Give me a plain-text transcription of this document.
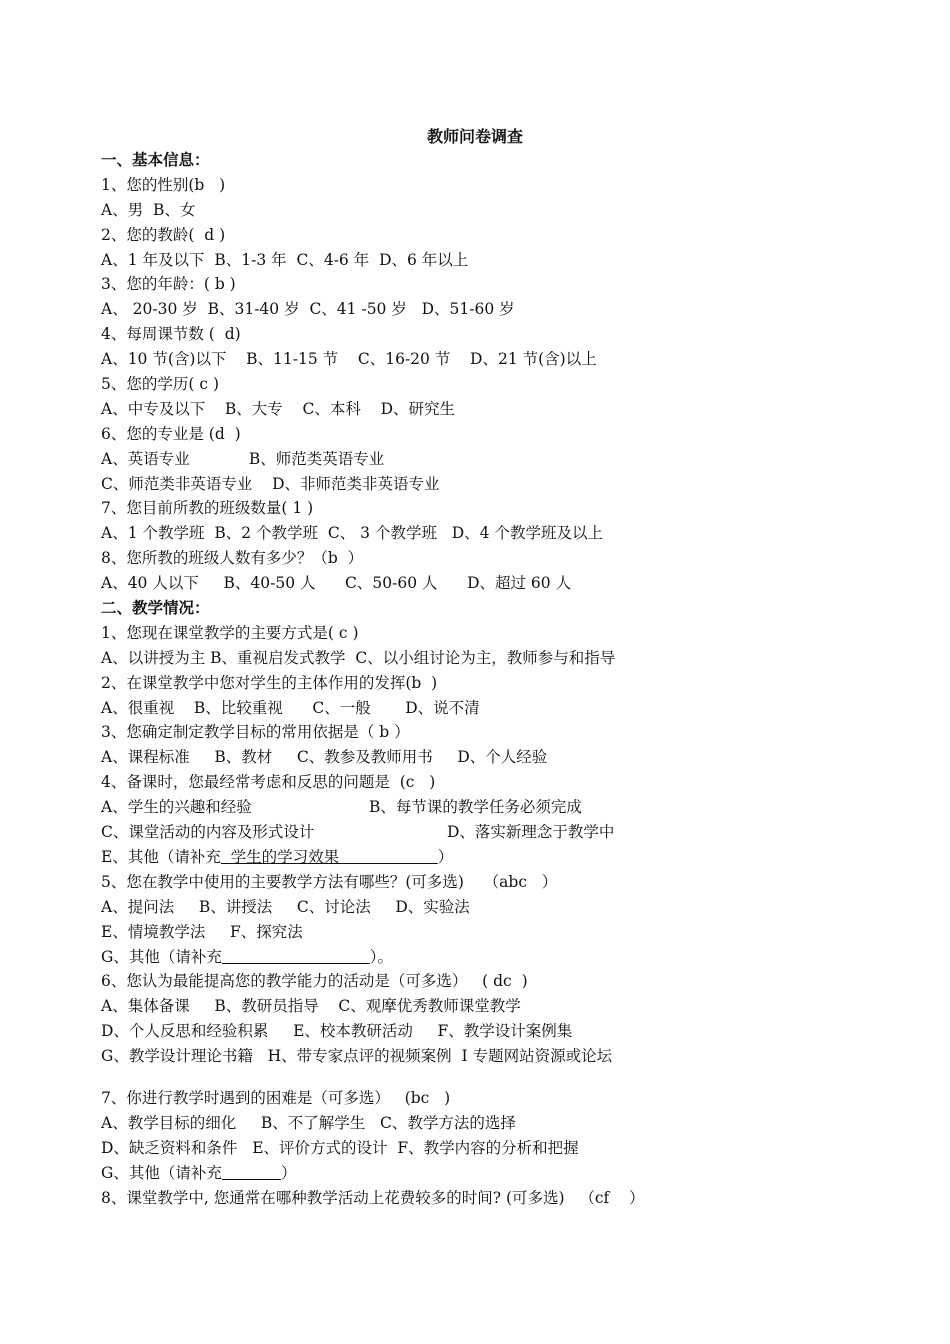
教师问卷调查
一、基本信息：
1、您的性别(b   )
A、男  B、女
2、您的教龄(  d )
A、1 年及以下  B、1-3 年  C、4-6 年  D、6 年以上
3、您的年龄：( b )
A、 20-30 岁  B、31-40 岁  C、41 -50 岁   D、51-60 岁
4、每周课节数 (  d)
A、10 节(含)以下    B、11-15 节    C、16-20 节    D、21 节(含)以上
5、您的学历( c )
A、中专及以下    B、大专    C、本科    D、研究生
6、您的专业是 (d  )
A、英语专业            B、师范类英语专业
C、师范类非英语专业    D、非师范类非英语专业
7、您目前所教的班级数量( 1 )
A、1 个教学班  B、2 个教学班  C、 3 个教学班   D、4 个教学班及以上
8、您所教的班级人数有多少？（b  ）
A、40 人以下     B、40-50 人      C、50-60 人      D、超过 60 人
二、教学情况：
1、您现在课堂教学的主要方式是( c )
A、以讲授为主 B、重视启发式教学  C、以小组讨论为主，教师参与和指导
2、在课堂教学中您对学生的主体作用的发挥(b  )
A、很重视    B、比较重视      C、一般       D、说不清
3、您确定制定教学目标的常用依据是（ b ）
A、课程标准     B、教材     C、教参及教师用书     D、个人经验
4、备课时，您最经常考虑和反思的问题是  (c   )
A、学生的兴趣和经验	B、每节课的教学任务必须完成
C、课堂活动的内容及形式设计	D、落实新理念于教学中
E、其他（请补充  学生的学习效果                    ）
5、您在教学中使用的主要教学方法有哪些？(可多选)    （abc   ）
A、提问法     B、讲授法     C、讨论法     D、实验法
E、情境教学法     F、探究法
G、其他（请补充	）。
6、您认为最能提高您的教学能力的活动是（可多选）   ( dc  )
A、集体备课     B、教研员指导    C、观摩优秀教师课堂教学
D、个人反思和经验积累     E、校本教研活动     F、教学设计案例集
G、教学设计理论书籍   H、带专家点评的视频案例  I 专题网站资源或论坛
7、你进行教学时遇到的困难是（可多选）   (bc   )
A、教学目标的细化     B、不了解学生   C、教学方法的选择
D、缺乏资料和条件   E、评价方式的设计  F、教学内容的分析和把握
G、其他（请补充	）
8、课堂教学中, 您通常在哪种教学活动上花费较多的时间? (可多选)   （cf    ）
